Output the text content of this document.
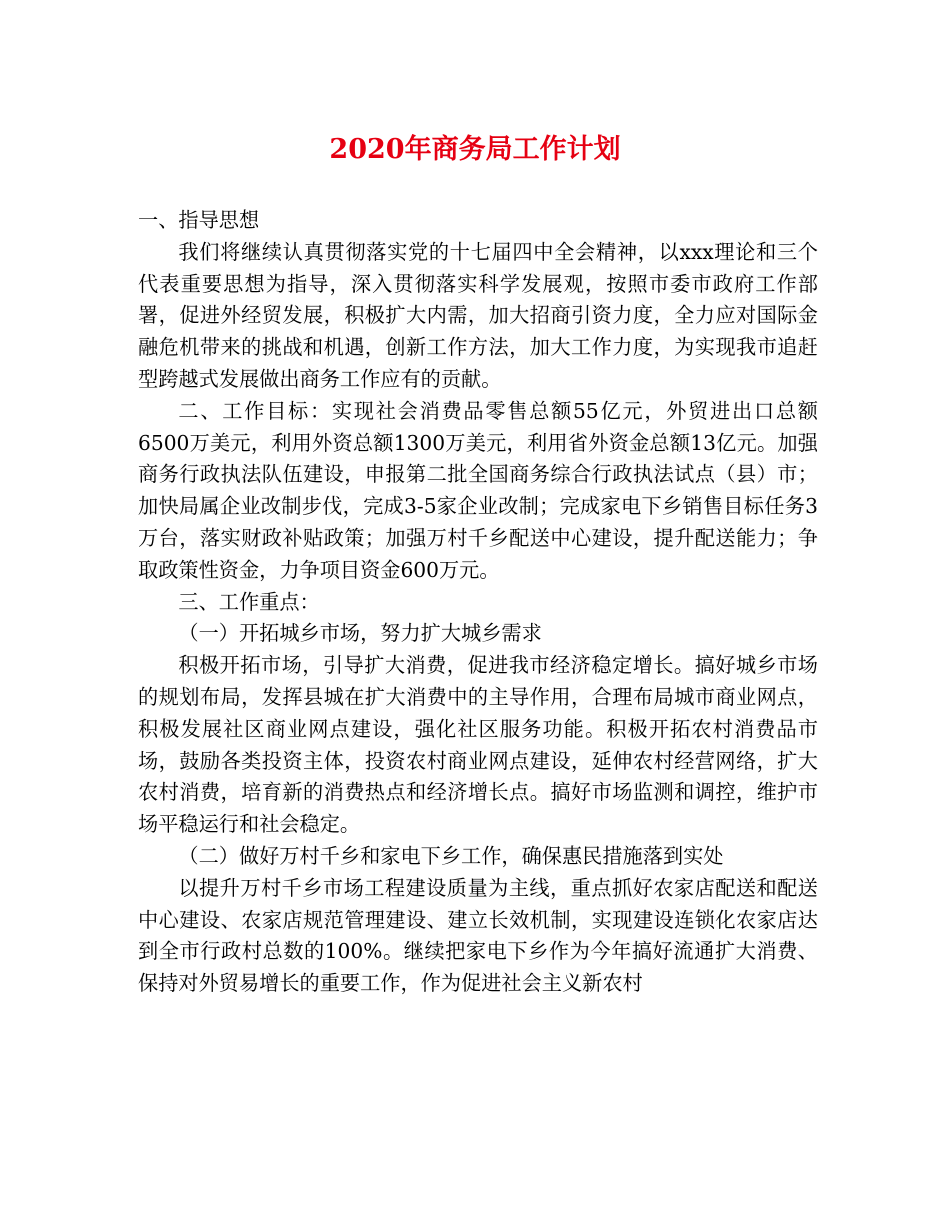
2020年商务局工作计划

一、指导思想

我们将继续认真贯彻落实党的十七届四中全会精神，以xxx理论和三个代表重要思想为指导，深入贯彻落实科学发展观，按照市委市政府工作部署，促进外经贸发展，积极扩大内需，加大招商引资力度，全力应对国际金融危机带来的挑战和机遇，创新工作方法，加大工作力度，为实现我市追赶型跨越式发展做出商务工作应有的贡献。

二、工作目标：实现社会消费品零售总额55亿元，外贸进出口总额6500万美元，利用外资总额1300万美元，利用省外资金总额13亿元。加强商务行政执法队伍建设，申报第二批全国商务综合行政执法试点（县）市；加快局属企业改制步伐，完成3-5家企业改制；完成家电下乡销售目标任务3万台，落实财政补贴政策；加强万村千乡配送中心建设，提升配送能力；争取政策性资金，力争项目资金600万元。

三、工作重点：

（一）开拓城乡市场，努力扩大城乡需求

积极开拓市场，引导扩大消费，促进我市经济稳定增长。搞好城乡市场的规划布局，发挥县城在扩大消费中的主导作用，合理布局城市商业网点，积极发展社区商业网点建设，强化社区服务功能。积极开拓农村消费品市场，鼓励各类投资主体，投资农村商业网点建设，延伸农村经营网络，扩大农村消费，培育新的消费热点和经济增长点。搞好市场监测和调控，维护市场平稳运行和社会稳定。

（二）做好万村千乡和家电下乡工作，确保惠民措施落到实处

以提升万村千乡市场工程建设质量为主线，重点抓好农家店配送和配送中心建设、农家店规范管理建设、建立长效机制，实现建设连锁化农家店达到全市行政村总数的100%。继续把家电下乡作为今年搞好流通扩大消费、保持对外贸易增长的重要工作，作为促进社会主义新农村
